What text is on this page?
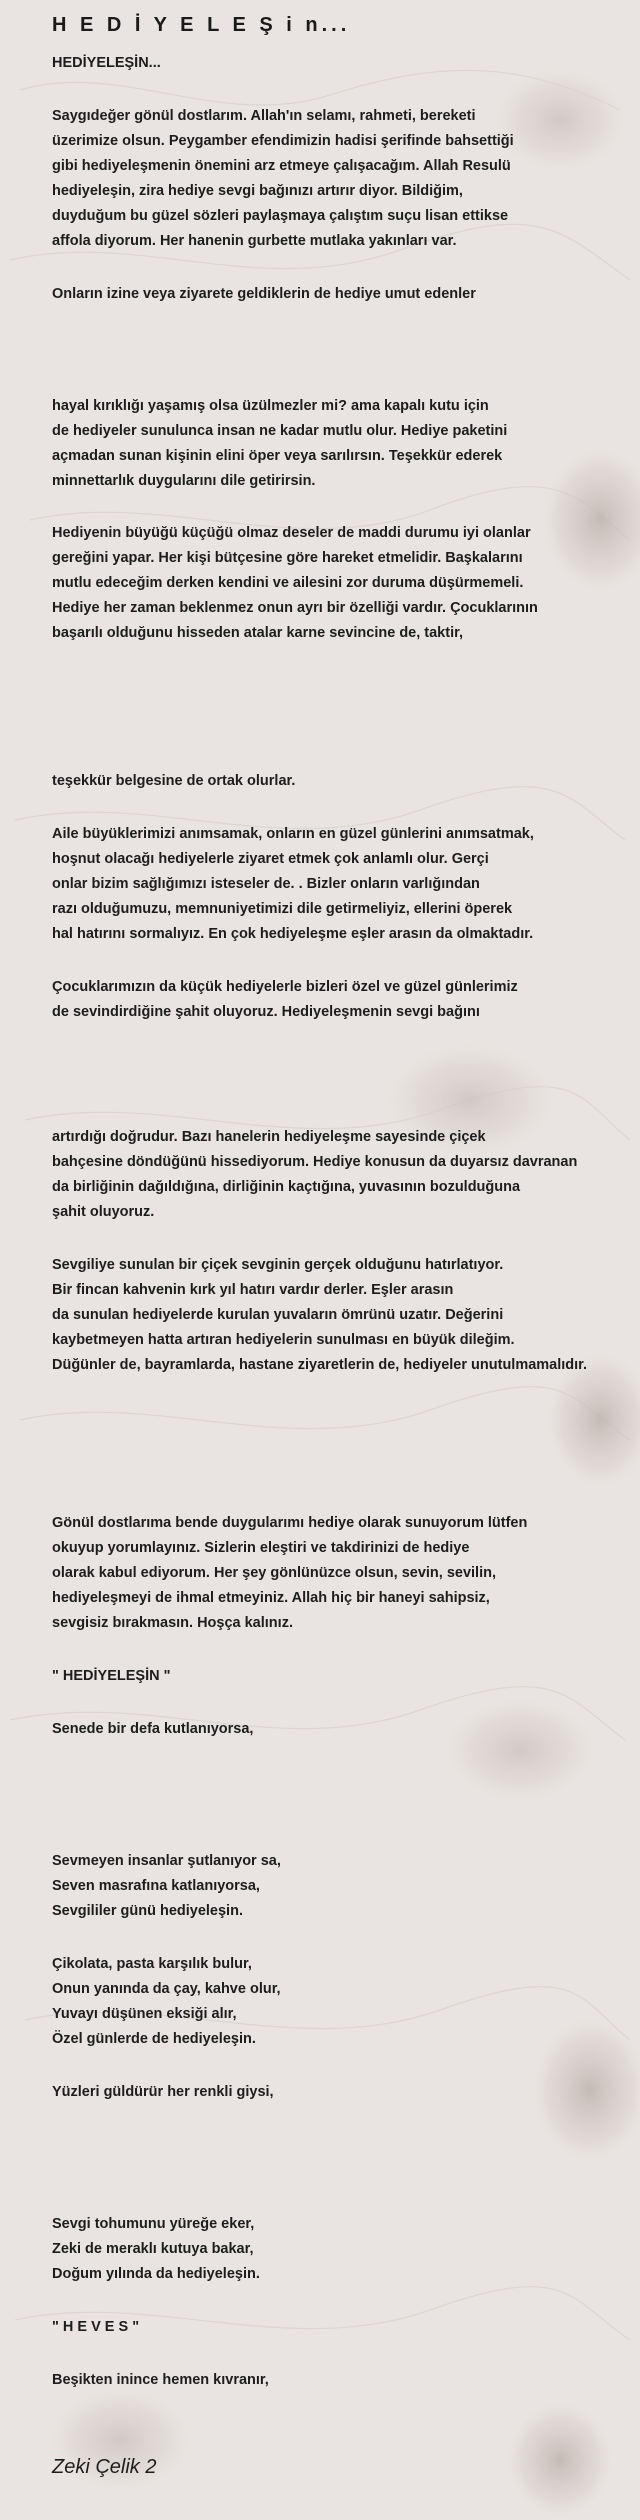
H E D İ Y E L E Ş i n...
HEDİYELEŞİN...
Saygıdeğer gönül dostlarım. Allah'ın selamı, rahmeti, bereketi
üzerimize olsun. Peygamber efendimizin hadisi şerifinde bahsettiği
gibi hediyeleşmenin önemini arz etmeye çalışacağım. Allah Resulü
hediyeleşin, zira hediye sevgi bağınızı artırır diyor. Bildiğim,
duyduğum bu güzel sözleri paylaşmaya çalıştım suçu lisan ettikse
affola diyorum. Her hanenin gurbette mutlaka yakınları var.
Onların izine veya ziyarete geldiklerin de hediye umut edenler
hayal kırıklığı yaşamış olsa üzülmezler mi? ama kapalı kutu için
de hediyeler sunulunca insan ne kadar mutlu olur. Hediye paketini
açmadan sunan kişinin elini öper veya sarılırsın. Teşekkür ederek
minnettarlık duygularını dile getirirsin.
Hediyenin büyüğü küçüğü olmaz deseler de maddi durumu iyi olanlar
gereğini yapar. Her kişi bütçesine göre hareket etmelidir. Başkalarını
mutlu edeceğim derken kendini ve ailesini zor duruma düşürmemeli.
Hediye her zaman beklenmez onun ayrı bir özelliği vardır. Çocuklarının
başarılı olduğunu hisseden atalar karne sevincine de, taktir,
teşekkür belgesine de ortak olurlar.
Aile büyüklerimizi anımsamak, onların en güzel günlerini anımsatmak,
hoşnut olacağı hediyelerle ziyaret etmek çok anlamlı olur. Gerçi
onlar bizim sağlığımızı isteseler de. . Bizler onların varlığından
razı olduğumuzu, memnuniyetimizi dile getirmeliyiz, ellerini öperek
hal hatırını sormalıyız. En çok hediyeleşme eşler arasın da olmaktadır.
Çocuklarımızın da küçük hediyelerle bizleri özel ve güzel günlerimiz
de sevindirdiğine şahit oluyoruz. Hediyeleşmenin sevgi bağını
artırdığı doğrudur. Bazı hanelerin hediyeleşme sayesinde çiçek
bahçesine döndüğünü hissediyorum. Hediye konusun da duyarsız davranan
da birliğinin dağıldığına, dirliğinin kaçtığına, yuvasının bozulduğuna
şahit oluyoruz.
Sevgiliye sunulan bir çiçek sevginin gerçek olduğunu hatırlatıyor.
Bir fincan kahvenin kırk yıl hatırı vardır derler. Eşler arasın
da sunulan hediyelerde kurulan yuvaların ömrünü uzatır. Değerini
kaybetmeyen hatta artıran hediyelerin sunulması en büyük dileğim.
Düğünler de, bayramlarda, hastane ziyaretlerin de, hediyeler unutulmamalıdır.
Gönül dostlarıma bende duygularımı hediye olarak sunuyorum lütfen
okuyup yorumlayınız. Sizlerin eleştiri ve takdirinizi de hediye
olarak kabul ediyorum. Her şey gönlünüzce olsun, sevin, sevilin,
hediyeleşmeyi de ihmal etmeyiniz. Allah hiç bir haneyi sahipsiz,
sevgisiz bırakmasın. Hoşça kalınız.
" HEDİYELEŞİN "
Senede bir defa kutlanıyorsa,
Sevmeyen insanlar şutlanıyor sa,
Seven masrafına katlanıyorsa,
Sevgililer günü hediyeleşin.
Çikolata, pasta karşılık bulur,
Onun yanında da çay, kahve olur,
Yuvayı düşünen eksiği alır,
Özel günlerde de hediyeleşin.
Yüzleri güldürür her renkli giysi,
Sevgi tohumunu yüreğe eker,
Zeki de meraklı kutuya bakar,
Doğum yılında da hediyeleşin.
" H E V E S "
Beşikten inince hemen kıvranır,
Zeki Çelik 2
